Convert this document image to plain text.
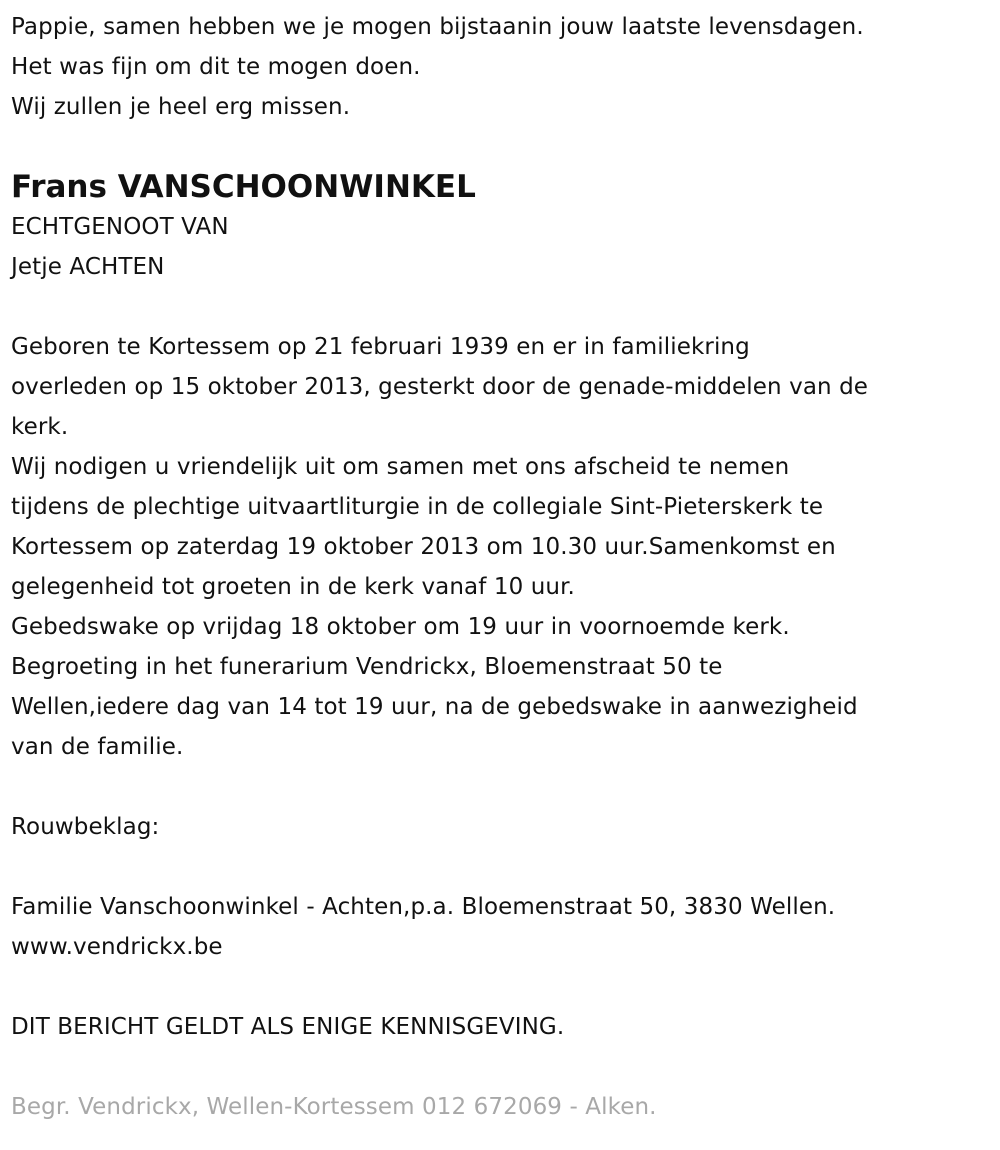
Pappie, samen hebben we je mogen bijstaanin jouw laatste levensdagen.
Het was fijn om dit te mogen doen.
Wij zullen je heel erg missen.
Frans VANSCHOONWINKEL
ECHTGENOOT VAN
Jetje ACHTEN
Geboren te Kortessem op 21 februari 1939 en er in familiekring
overleden op 15 oktober 2013, gesterkt door de genade-middelen van de
kerk.
Wij nodigen u vriendelijk uit om samen met ons afscheid te nemen
tijdens de plechtige uitvaartliturgie in de collegiale Sint-Pieterskerk te
Kortessem op zaterdag 19 oktober 2013 om 10.30 uur.Samenkomst en
gelegenheid tot groeten in de kerk vanaf 10 uur.
Gebedswake op vrijdag 18 oktober om 19 uur in voornoemde kerk.
Begroeting in het funerarium Vendrickx, Bloemenstraat 50 te
Wellen,iedere dag van 14 tot 19 uur, na de gebedswake in aanwezigheid
van de familie.
Rouwbeklag:
Familie Vanschoonwinkel - Achten,p.a. Bloemenstraat 50, 3830 Wellen.
www.vendrickx.be
DIT BERICHT GELDT ALS ENIGE KENNISGEVING.
Begr. Vendrickx, Wellen-Kortessem 012 672069 - Alken.
